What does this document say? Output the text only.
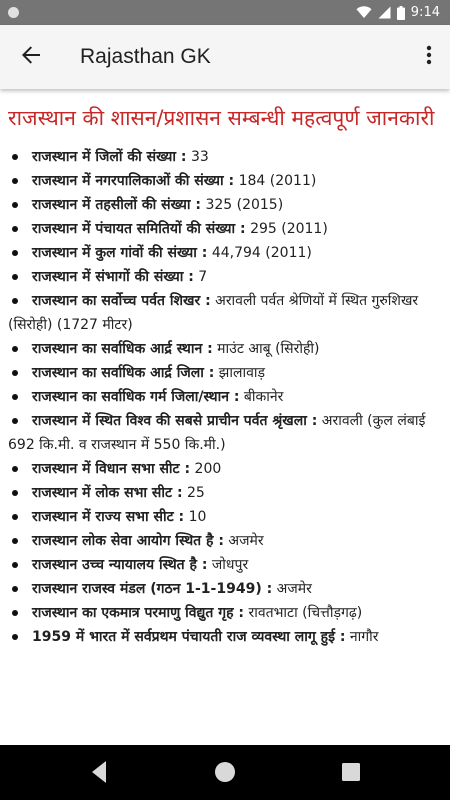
9:14
Rajasthan GK
राजस्थान की शासन/प्रशासन सम्बन्धी महत्वपूर्ण जानकारी
राजस्थान में जिलों की संख्या : 33
राजस्थान में नगरपालिकाओं की संख्या : 184 (2011)
राजस्थान में तहसीलों की संख्या : 325 (2015)
राजस्थान में पंचायत समितियों की संख्या : 295 (2011)
राजस्थान में कुल गांवों की संख्या : 44,794 (2011)
राजस्थान में संभागों की संख्या : 7
राजस्थान का सर्वोच्च पर्वत शिखर : अरावली पर्वत श्रेणियों में स्थित गुरुशिखर (सिरोही) (1727 मीटर)
राजस्थान का सर्वाधिक आर्द्र स्थान : माउंट आबू (सिरोही)
राजस्थान का सर्वाधिक आर्द्र जिला : झालावाड़
राजस्थान का सर्वाधिक गर्म जिला/स्थान : बीकानेर
राजस्थान में स्थित विश्व की सबसे प्राचीन पर्वत श्रृंखला : अरावली (कुल लंबाई 692 कि.मी. व राजस्थान में 550 कि.मी.)
राजस्थान में विधान सभा सीट : 200
राजस्थान में लोक सभा सीट : 25
राजस्थान में राज्य सभा सीट : 10
राजस्थान लोक सेवा आयोग स्थित है : अजमेर
राजस्थान उच्च न्यायालय स्थित है : जोधपुर
राजस्थान राजस्व मंडल (गठन 1-1-1949) : अजमेर
राजस्थान का एकमात्र परमाणु विद्युत गृह : रावतभाटा (चित्तौड़गढ़)
1959 में भारत में सर्वप्रथम पंचायती राज व्यवस्था लागू हुई : नागौर
